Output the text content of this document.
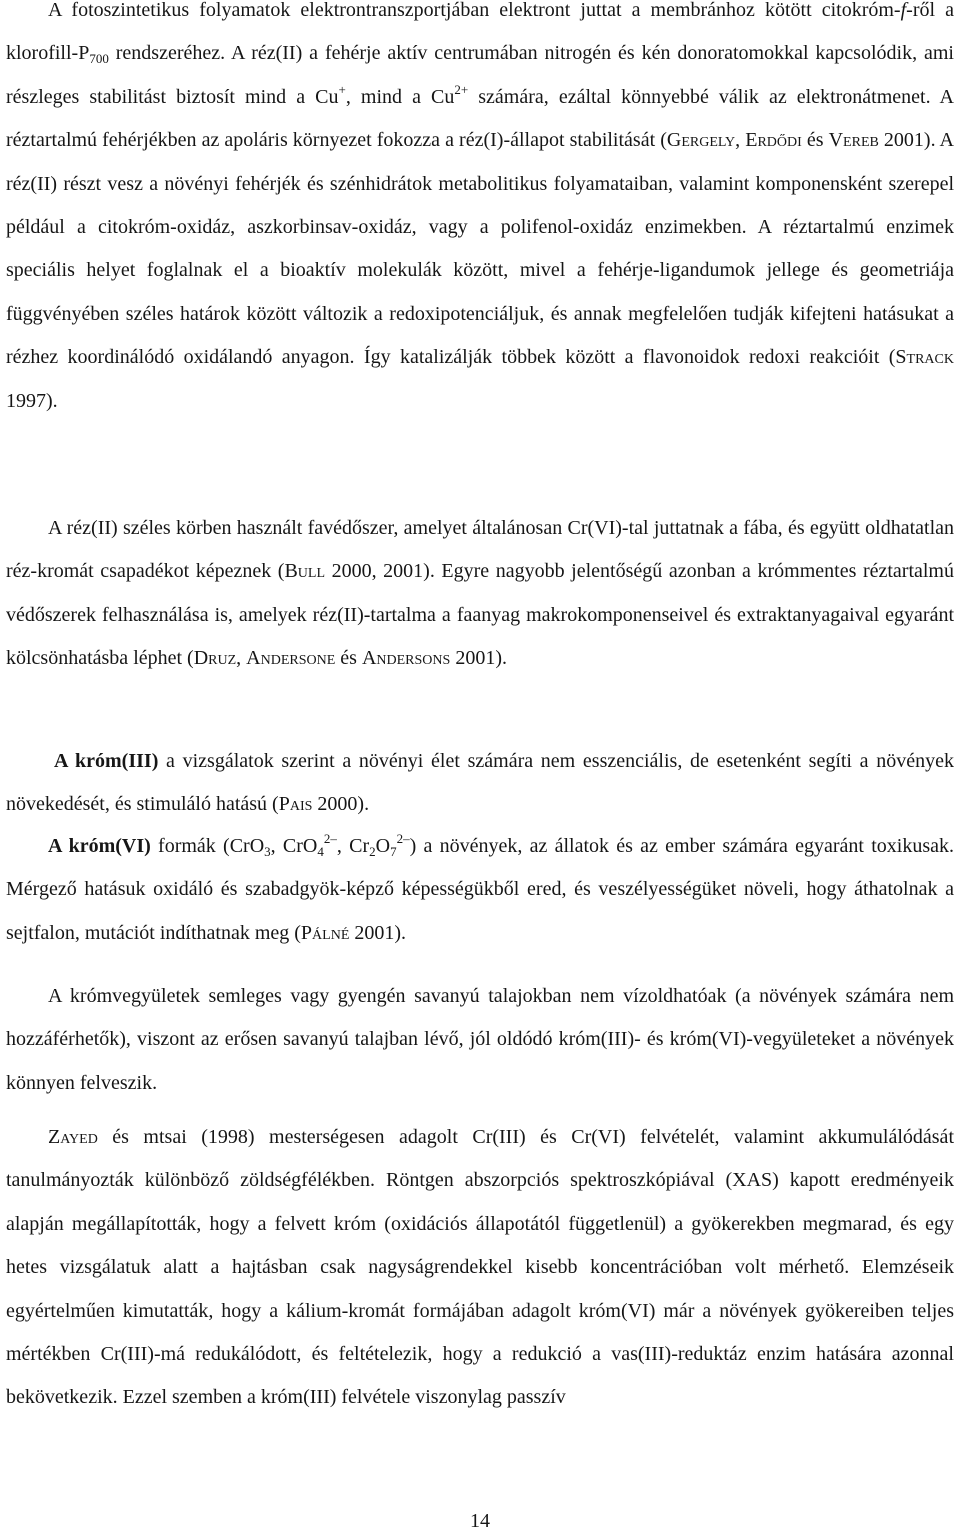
A fotoszintetikus folyamatok elektrontranszportjában elektront juttat a membránhoz kötött citokróm-f-ről a klorofill-$P_{700}$ rendszeréhez. A réz(II) a fehérje aktív centrumában nitrogén és kén donoratomokkal kapcsolódik, ami részleges stabilitást biztosít mind a Cu+, mind a $Cu^{2+}$ számára, ezáltal könnyebbé válik az elektronátmenet. A réztartalmú fehérjékben az apoláris környezet fokozza a réz(I)-állapot stabilitását (Gergely, Erdődi és Vereb 2001). A réz(II) részt vesz a növényi fehérjék és szénhidrátok metabolitikus folyamataiban, valamint komponensként szerepel például a citokróm-oxidáz, aszkorbinsav-oxidáz, vagy a polifenol-oxidáz enzimekben. A réztartalmú enzimek speciális helyet foglalnak el a bioaktív molekulák között, mivel a fehérje-ligandumok jellege és geometriája függvényében széles határok között változik a redoxipotenciáljuk, és annak megfelelően tudják kifejteni hatásukat a rézhez koordinálódó oxidálandó anyagon. Így katalizálják többek között a flavonoidok redoxi reakcióit (Strack 1997).

A réz(II) széles körben használt favédőszer, amelyet általánosan Cr(VI)-tal juttatnak a fába, és együtt oldhatatlan réz-kromát csapadékot képeznek (Bull 2000, 2001). Egyre nagyobb jelentőségű azonban a krómmentes réztartalmú védőszerek felhasználása is, amelyek réz(II)-tartalma a faanyag makrokomponenseivel és extraktanyagaival egyaránt kölcsönhatásba léphet (Druz, Andersone és Andersons 2001).

A króm(III) a vizsgálatok szerint a növényi élet számára nem esszenciális, de esetenként segíti a növények növekedését, és stimuláló hatású (Pais 2000).

A króm(VI) formák (CrO$_3$, CrO$_4^{2-}$, $Cr_2O_7^{2-}$) a növények, az állatok és az ember számára egyaránt toxikusak. Mérgező hatásuk oxidáló és szabadgyök-képző képességükből ered, és veszélyességüket növeli, hogy áthatolnak a sejtfalon, mutációt indíthatnak meg (Pálné 2001).

A krómvegyületek semleges vagy gyengén savanyú talajokban nem vízoldhatóak (a növények számára nem hozzáférhetők), viszont az erősen savanyú talajban lévő, jól oldódó króm(III)- és króm(VI)-vegyületeket a növények könnyen felveszik.

Zayed és mtsai (1998) mesterségesen adagolt Cr(III) és Cr(VI) felvételét, valamint akkumulálódását tanulmányozták különböző zöldségfélékben. Röntgen abszorpciós spektroszkópiával (XAS) kapott eredményeik alapján megállapították, hogy a felvett króm (oxidációs állapotától függetlenül) a gyökerekben megmarad, és egy hetes vizsgálatuk alatt a hajtásban csak nagyságrendekkel kisebb koncentrációban volt mérhető. Elemzéseik egyértelműen kimutatták, hogy a kálium-kromát formájában adagolt króm(VI) már a növények gyökereiben teljes mértékben Cr(III)-má redukálódott, és feltételezik, hogy a redukció a vas(III)-reduktáz enzim hatására azonnal bekövetkezik. Ezzel szemben a króm(III) felvétele viszonylag passzív

14
